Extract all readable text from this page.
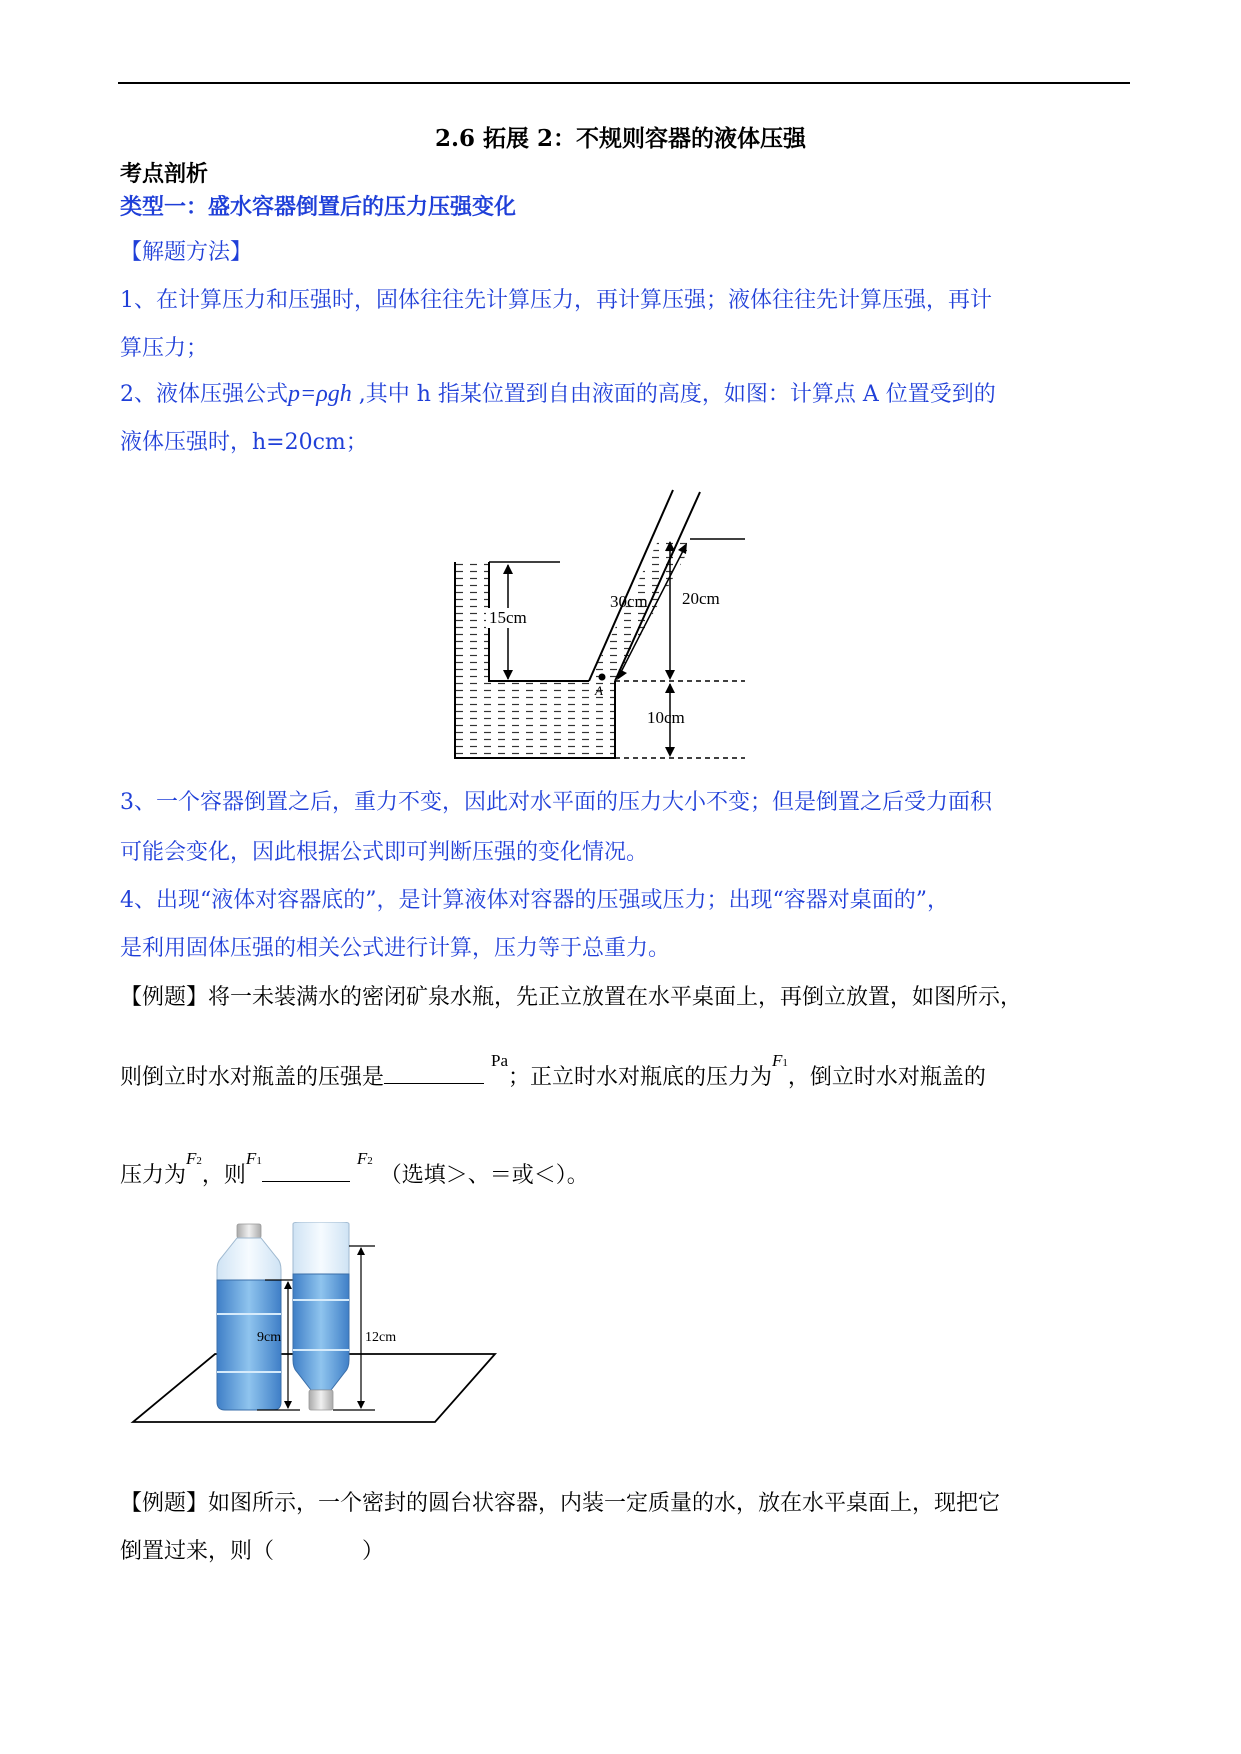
2.6 拓展 2：不规则容器的液体压强
考点剖析
类型一：盛水容器倒置后的压力压强变化
【解题方法】
1、在计算压力和压强时，固体往往先计算压力，再计算压强；液体往往先计算压强，再计
算压力；
2、液体压强公式p=ρgh ,其中 h 指某位置到自由液面的高度，如图：计算点 A 位置受到的
液体压强时，h=20cm；
A
15cm
30cm 20cm
10cm
3、一个容器倒置之后，重力不变，因此对水平面的压力大小不变；但是倒置之后受力面积
可能会变化，因此根据公式即可判断压强的变化情况。
4、出现“液体对容器底的”，是计算液体对容器的压强或压力；出现“容器对桌面的”，
是利用固体压强的相关公式进行计算，压力等于总重力。
【例题】将一未装满水的密闭矿泉水瓶，先正立放置在水平桌面上，再倒立放置，如图所示，
则倒立时水对瓶盖的压强是 $^{Pa}$；正立时水对瓶底的压力为$^{F1}$，倒立时水对瓶盖的
压力为$^{F2}$，则$^{F1}$	$^{F2}$ （选填＞、＝或＜）。
9cm	12cm
【例题】如图所示，一个密封的圆台状容器，内装一定质量的水，放在水平桌面上，现把它
倒置过来，则（　　　　）
